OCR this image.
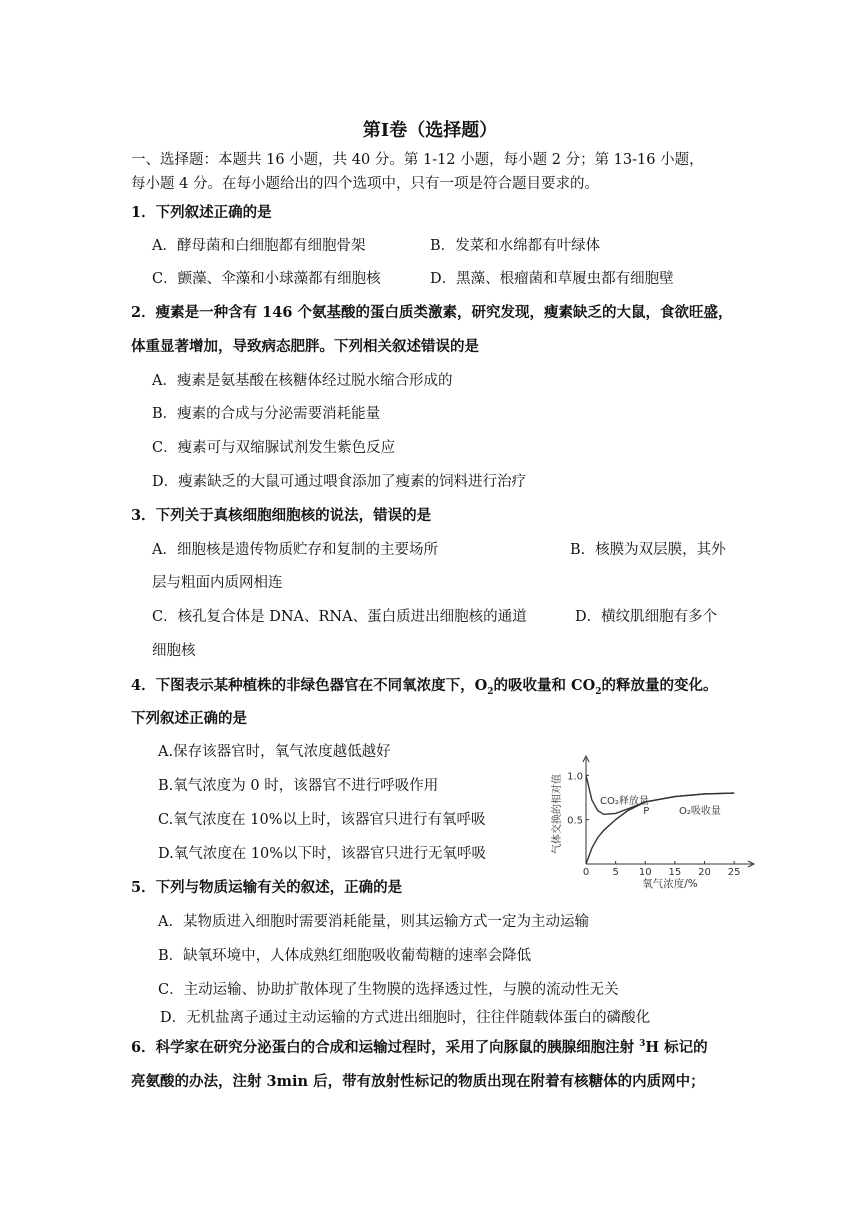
第Ⅰ卷（选择题）
一、选择题：本题共 16 小题，共 40 分。第 1-12 小题，每小题 2 分；第 13-16 小题，
每小题 4 分。在每小题给出的四个选项中，只有一项是符合题目要求的。
1．下列叙述正确的是
A．酵母菌和白细胞都有细胞骨架	B．发菜和水绵都有叶绿体
C．颤藻、伞藻和小球藻都有细胞核	D．黑藻、根瘤菌和草履虫都有细胞壁
2．瘦素是一种含有 146 个氨基酸的蛋白质类激素，研究发现，瘦素缺乏的大鼠，食欲旺盛，
体重显著增加，导致病态肥胖。下列相关叙述错误的是
A．瘦素是氨基酸在核糖体经过脱水缩合形成的
B．瘦素的合成与分泌需要消耗能量
C．瘦素可与双缩脲试剂发生紫色反应
D．瘦素缺乏的大鼠可通过喂食添加了瘦素的饲料进行治疗
3．下列关于真核细胞细胞核的说法，错误的是
A．细胞核是遗传物质贮存和复制的主要场所	B．核膜为双层膜，其外
层与粗面内质网相连
C．核孔复合体是 DNA、RNA、蛋白质进出细胞核的通道	D．横纹肌细胞有多个
细胞核
4．下图表示某种植株的非绿色器官在不同氧浓度下，$O_2$的吸收量和 $CO_2$的释放量的变化。
下列叙述正确的是
A.保存该器官时，氧气浓度越低越好
B.氧气浓度为 0 时，该器官不进行呼吸作用
C.氧气浓度在 10%以上时，该器官只进行有氧呼吸
D.氧气浓度在 10%以下时，该器官只进行无氧呼吸
0 5 10 15 20 25
0.5
1.0
CO₂释放量
O₂吸收量
P
氧气浓度/%
气体交换的相对值
5．下列与物质运输有关的叙述，正确的是
A．某物质进入细胞时需要消耗能量，则其运输方式一定为主动运输
B．缺氧环境中，人体成熟红细胞吸收葡萄糖的速率会降低
C．主动运输、协助扩散体现了生物膜的选择透过性，与膜的流动性无关
D．无机盐离子通过主动运输的方式进出细胞时，往往伴随载体蛋白的磷酸化
6．科学家在研究分泌蛋白的合成和运输过程时，采用了向豚鼠的胰腺细胞注射 $^3$H 标记的
亮氨酸的办法，注射 3min 后，带有放射性标记的物质出现在附着有核糖体的内质网中；
